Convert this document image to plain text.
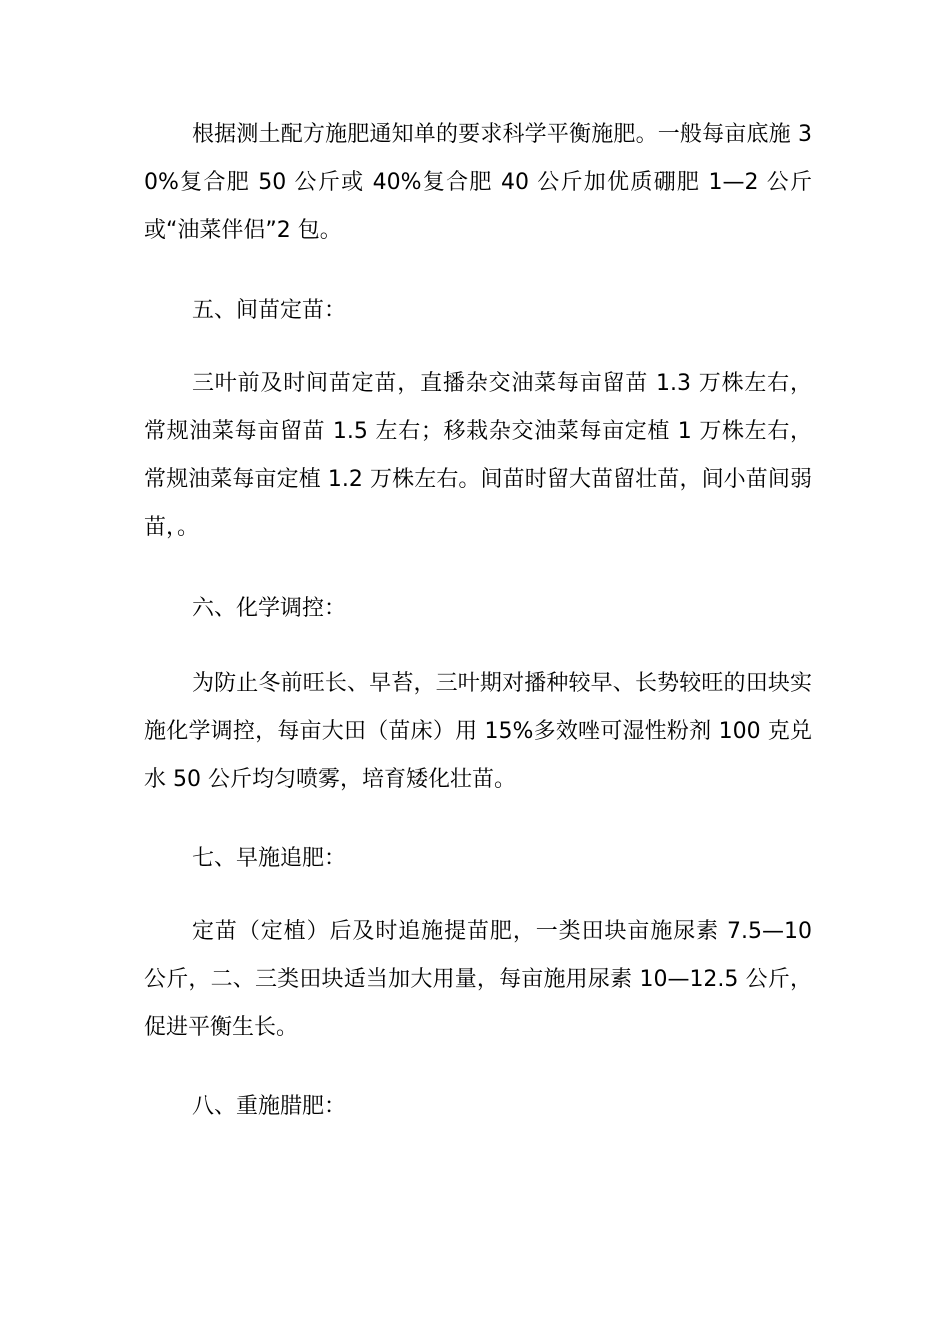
根据测土配方施肥通知单的要求科学平衡施肥。一般每亩底施 30%复合肥 50 公斤或 40%复合肥 40 公斤加优质硼肥 1—2 公斤或“油菜伴侣”2 包。

五、间苗定苗：

三叶前及时间苗定苗，直播杂交油菜每亩留苗 1.3 万株左右，常规油菜每亩留苗 1.5 左右；移栽杂交油菜每亩定植 1 万株左右，常规油菜每亩定植 1.2 万株左右。间苗时留大苗留壮苗，间小苗间弱苗，。

六、化学调控：

为防止冬前旺长、早苔，三叶期对播种较早、长势较旺的田块实施化学调控，每亩大田（苗床）用 15%多效唑可湿性粉剂 100 克兑水 50 公斤均匀喷雾，培育矮化壮苗。

七、早施追肥：

定苗（定植）后及时追施提苗肥，一类田块亩施尿素 7.5—10 公斤，二、三类田块适当加大用量，每亩施用尿素 10—12.5 公斤，促进平衡生长。

八、重施腊肥：
